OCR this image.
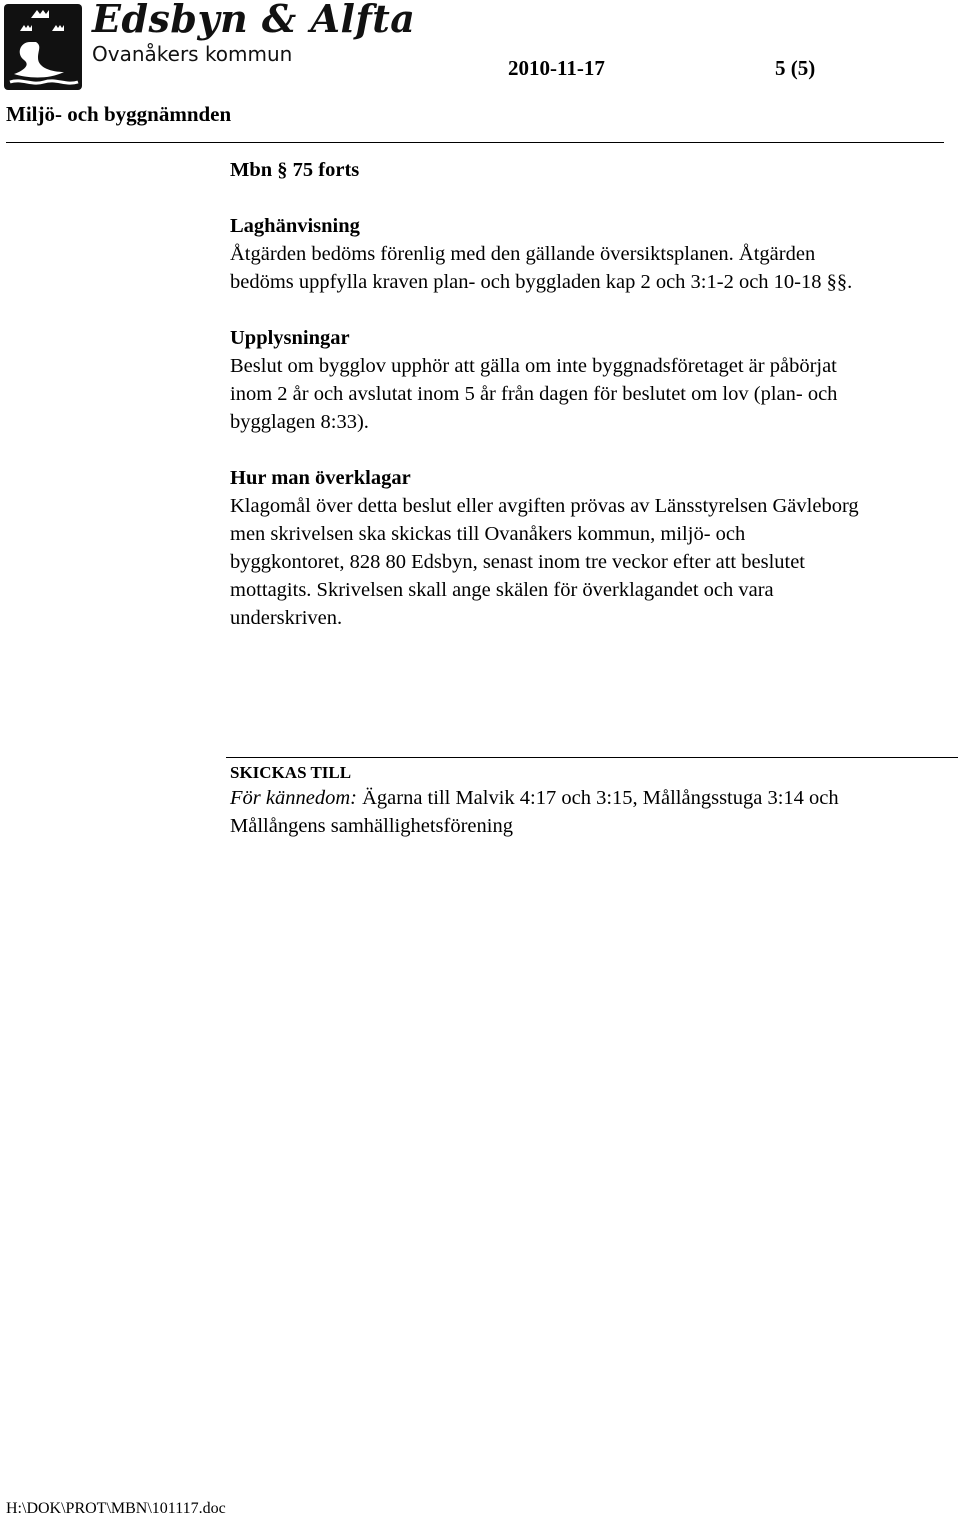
Edsbyn & Alfta
Ovanåkers kommun
2010-11-17	5 (5)
Miljö- och byggnämnden
Mbn § 75 forts
Laghänvisning
Åtgärden bedöms förenlig med den gällande översiktsplanen. Åtgärden
bedöms uppfylla kraven plan- och byggladen kap 2 och 3:1-2 och 10-18 §§.
Upplysningar
Beslut om bygglov upphör att gälla om inte byggnadsföretaget är påbörjat
inom 2 år och avslutat inom 5 år från dagen för beslutet om lov (plan- och
bygglagen 8:33).
Hur man överklagar
Klagomål över detta beslut eller avgiften prövas av Länsstyrelsen Gävleborg
men skrivelsen ska skickas till Ovanåkers kommun, miljö- och
byggkontoret, 828 80 Edsbyn, senast inom tre veckor efter att beslutet
mottagits. Skrivelsen skall ange skälen för överklagandet och vara
underskriven.
SKICKAS TILL
För kännedom: Ägarna till Malvik 4:17 och 3:15, Mållångsstuga 3:14 och
Mållångens samhällighetsförening
H:\DOK\PROT\MBN\101117.doc
